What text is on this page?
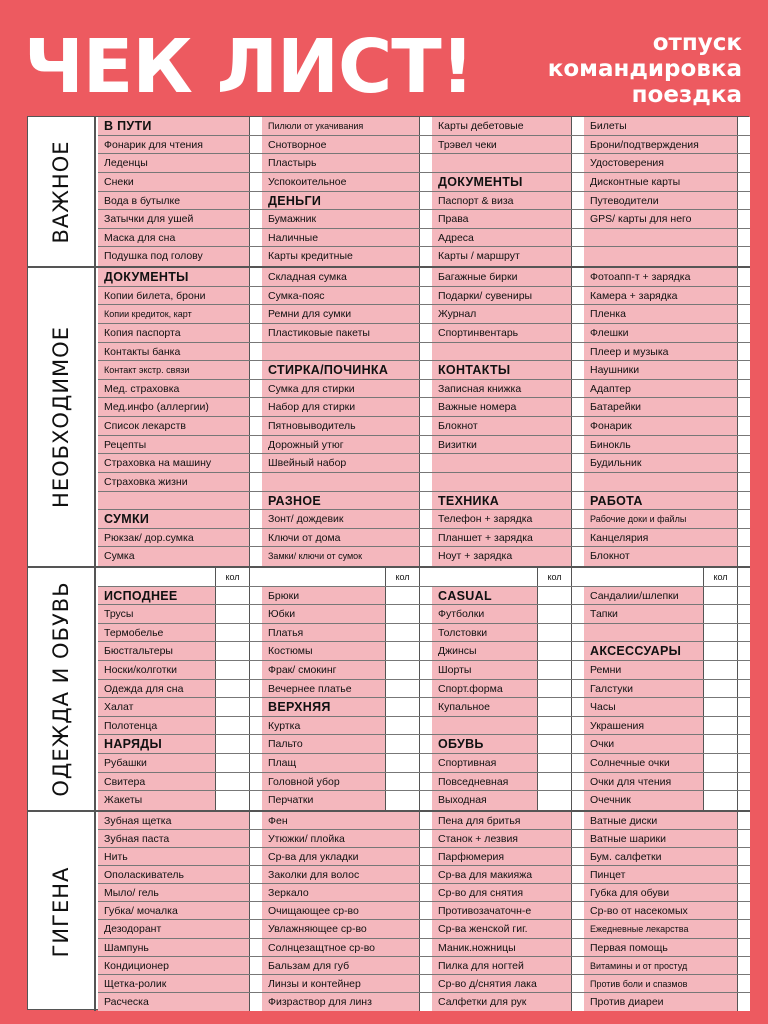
ЧЕК ЛИСТ!	отпуск
командировка
поездка
ВАЖНОЕ
В ПУТИ
Фонарик для чтения
Леденцы
Снеки
Вода в бутылке
Затычки для ушей
Маска для сна
Подушка под голову
Пилюли от укачивания
Снотворное
Пластырь
Успокоительное
ДЕНЬГИ
Бумажник
Наличные
Карты кредитные
Карты дебетовые
Трэвел чеки
ДОКУМЕНТЫ
Паспорт & виза
Права
Адреса
Карты / маршрут
Билеты
Брони/подтверждения
Удостоверения
Дисконтные карты
Путеводители
GPS/ карты для него
НЕОБХОДИМОЕ
ДОКУМЕНТЫ
Копии билета, брони
Копии кредиток, карт
Копия паспорта
Контакты банка
Контакт экстр. связи
Мед. страховка
Мед.инфо (аллергии)
Список лекарств
Рецепты
Страховка на машину
Страховка жизни
СУМКИ
Рюкзак/ дор.сумка
Сумка
Складная сумка
Сумка-пояс
Ремни для сумки
Пластиковые пакеты
СТИРКА/ПОЧИНКА
Сумка для стирки
Набор для стирки
Пятновыводитель
Дорожный утюг
Швейный набор
РАЗНОЕ
Зонт/ дождевик
Ключи от дома
Замки/ ключи от сумок
Багажные бирки
Подарки/ сувениры
Журнал
Спортинвентарь
КОНТАКТЫ
Записная книжка
Важные номера
Блокнот
Визитки
ТЕХНИКА
Телефон + зарядка
Планшет + зарядка
Ноут + зарядка
Фотоапп-т + зарядка
Камера + зарядка
Пленка
Флешки
Плеер и музыка
Наушники
Адаптер
Батарейки
Фонарик
Бинокль
Будильник
РАБОТА
Рабочие доки и файлы
Канцелярия
Блокнот
ОДЕЖДА И ОБУВЬ
кол
ИСПОДНЕЕ
Трусы
Термобелье
Бюстгальтеры
Носки/колготки
Одежда для сна
Халат
Полотенца
НАРЯДЫ
Рубашки
Свитера
Жакеты
кол
Брюки
Юбки
Платья
Костюмы
Фрак/ смокинг
Вечернее платье
ВЕРХНЯЯ
Куртка
Пальто
Плащ
Головной убор
Перчатки
кол
CASUAL
Футболки
Толстовки
Джинсы
Шорты
Спорт.форма
Купальное
ОБУВЬ
Спортивная
Повседневная
Выходная
кол
Сандалии/шлепки
Тапки
АКСЕССУАРЫ
Ремни
Галстуки
Часы
Украшения
Очки
Солнечные очки
Очки для чтения
Очечник
ГИГЕНА
Зубная щетка
Зубная паста
Нить
Ополаскиватель
Мыло/ гель
Губка/ мочалка
Дезодорант
Шампунь
Кондиционер
Щетка-ролик
Расческа
Фен
Утюжки/ плойка
Ср-ва для укладки
Заколки для волос
Зеркало
Очищающее ср-во
Увлажняющее ср-во
Солнцезащтное ср-во
Бальзам для губ
Линзы и контейнер
Физраствор для линз
Пена для бритья
Станок + лезвия
Парфюмерия
Ср-ва для макияжа
Ср-во для снятия
Противозачаточн-е
Ср-ва женской гиг.
Маник.ножницы
Пилка для ногтей
Ср-во д/снятия лака
Салфетки для рук
Ватные диски
Ватные шарики
Бум. салфетки
Пинцет
Губка для обуви
Ср-во от насекомых
Ежедневные лекарства
Первая помощь
Витамины и от простуд
Против боли и спазмов
Против диареи
